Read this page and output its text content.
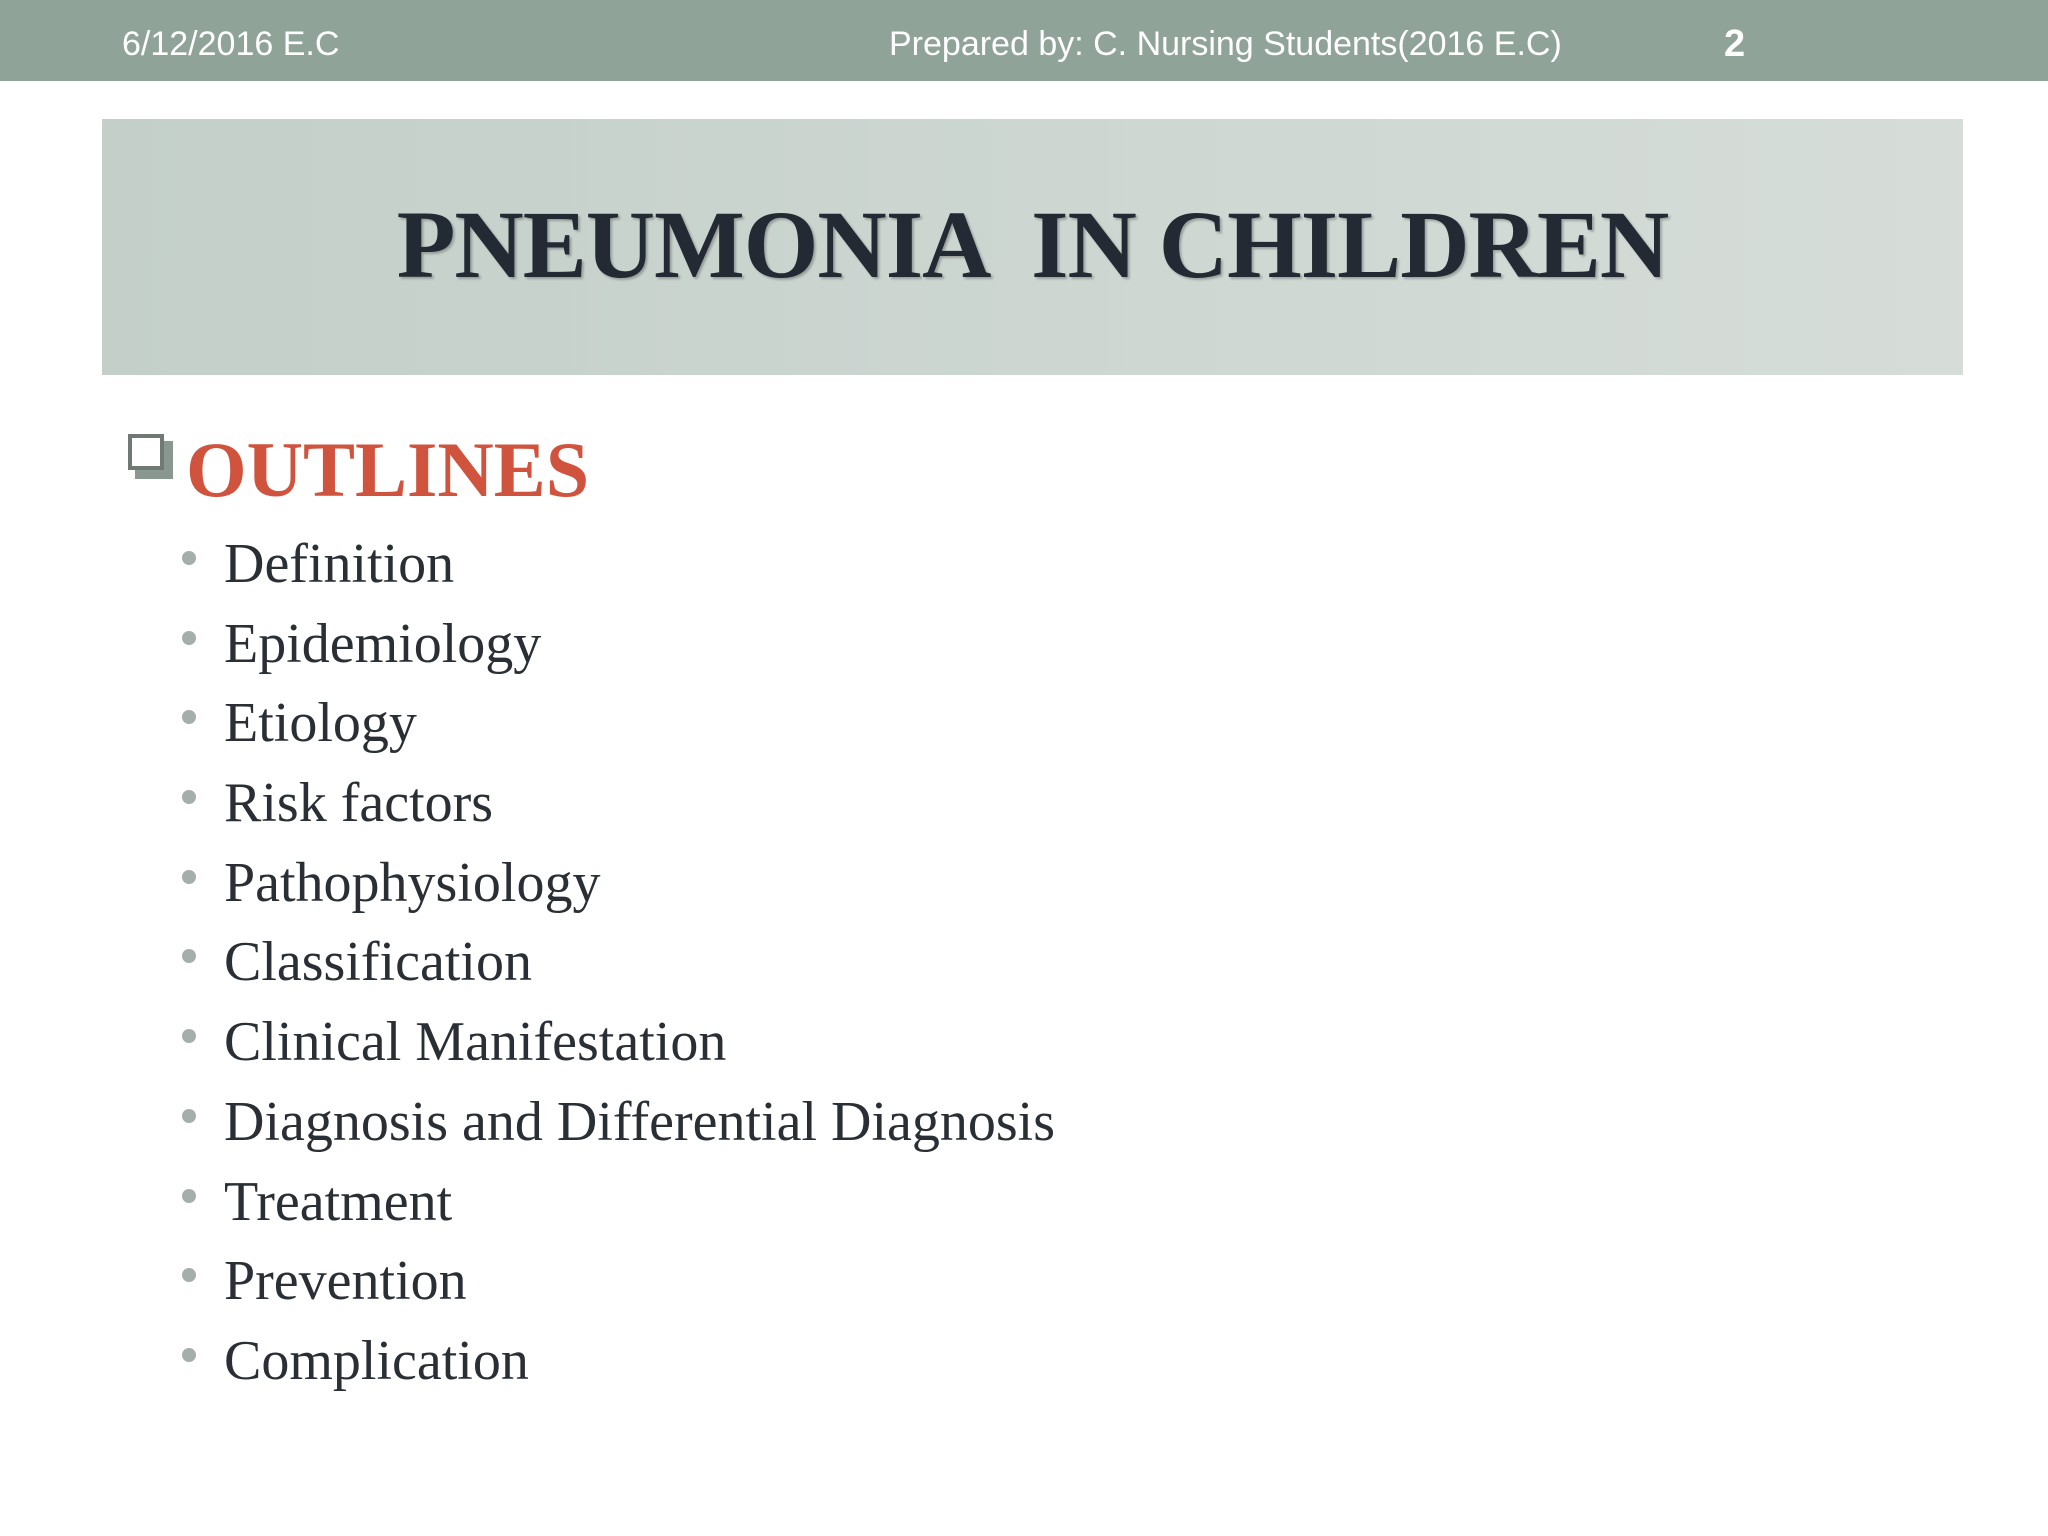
6/12/2016 E.C	Prepared by: C. Nursing Students(2016 E.C)	2
PNEUMONIA  IN CHILDREN
OUTLINES
Definition
Epidemiology
Etiology
Risk factors
Pathophysiology
Classification
Clinical Manifestation
Diagnosis and Differential Diagnosis
Treatment
Prevention
Complication
